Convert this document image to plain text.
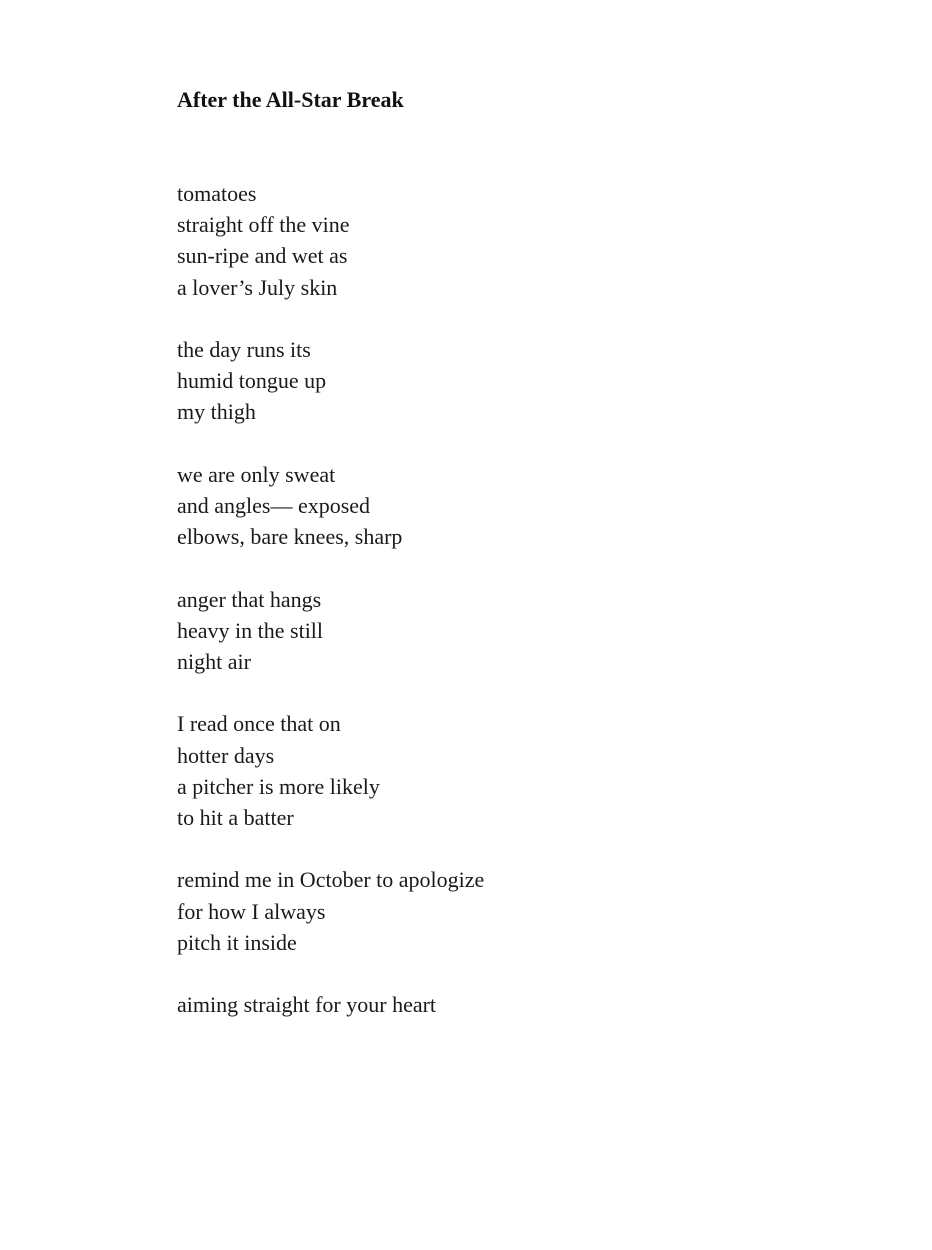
After the All-Star Break
tomatoes
straight off the vine
sun-ripe and wet as
a lover’s July skin
the day runs its
humid tongue up
my thigh
we are only sweat
and angles— exposed
elbows, bare knees, sharp
anger that hangs
heavy in the still
night air
I read once that on
hotter days
a pitcher is more likely
to hit a batter
remind me in October to apologize
for how I always
pitch it inside
aiming straight for your heart
